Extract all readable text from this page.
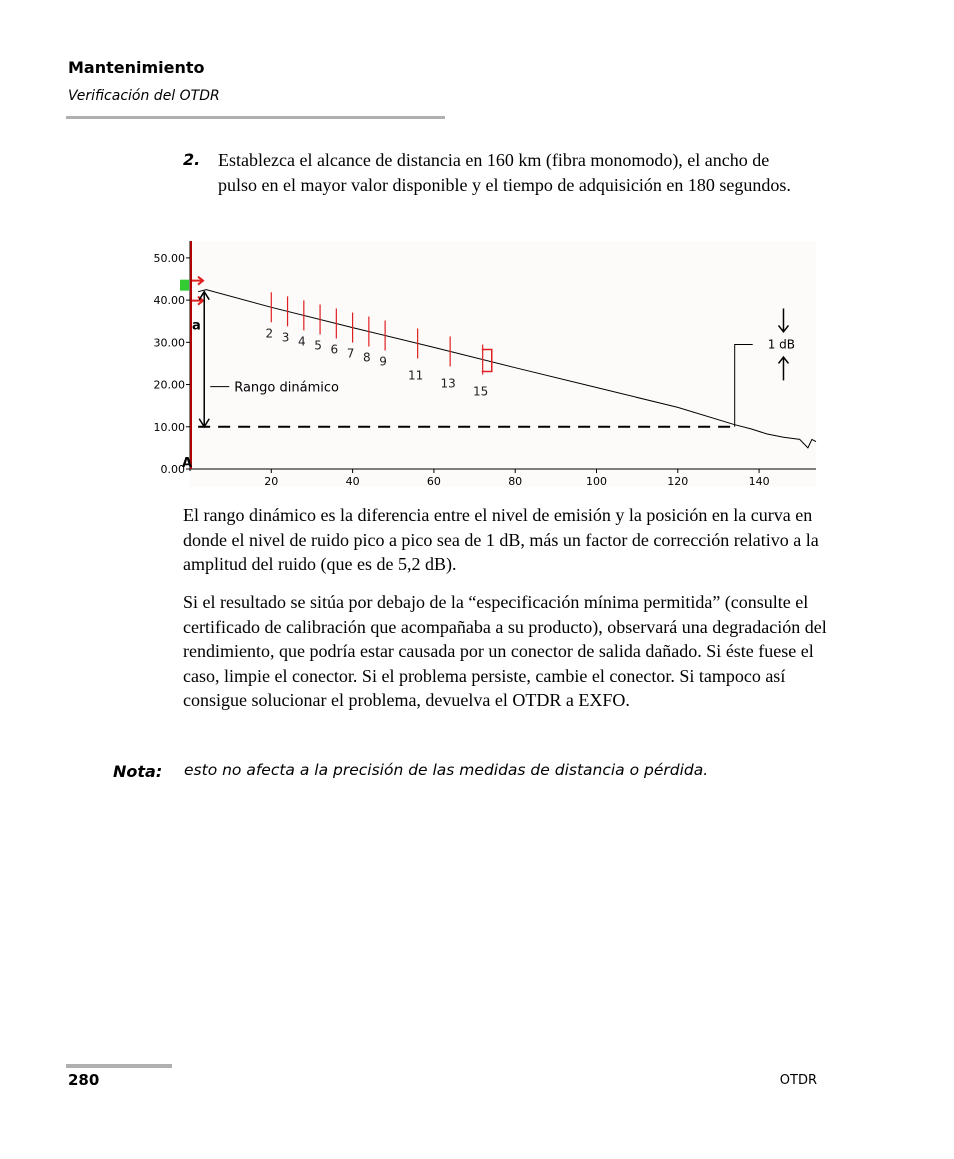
Mantenimiento
Verificación del OTDR
2. Establezca el alcance de distancia en 160 km (fibra monomodo), el ancho de pulso en el mayor valor disponible y el tiempo de adquisición en 180 segundos.
0.00
10.00
20.00
30.00
40.00
50.00
20	40	60	80	100	120	140
2 3 4 5 6 7 8 9
11
13
15
Rango dinámico
1 dB
a
A

El rango dinámico es la diferencia entre el nivel de emisión y la posición en la curva en donde el nivel de ruido pico a pico sea de 1 dB, más un factor de corrección relativo a la amplitud del ruido (que es de 5,2 dB).

Si el resultado se sitúa por debajo de la “especificación mínima permitida” (consulte el certificado de calibración que acompañaba a su producto), observará una degradación del rendimiento, que podría estar causada por un conector de salida dañado. Si éste fuese el caso, limpie el conector. Si el problema persiste, cambie el conector. Si tampoco así consigue solucionar el problema, devuelva el OTDR a EXFO.

Nota: esto no afecta a la precisión de las medidas de distancia o pérdida.
280	OTDR
